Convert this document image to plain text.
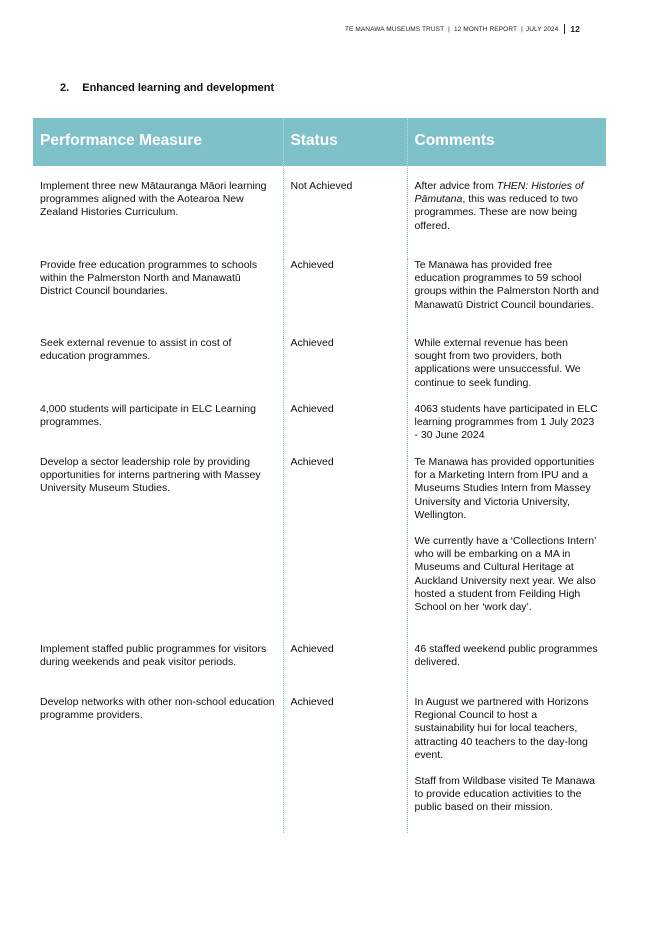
TE MANAWA MUSEUMS TRUST | 12 MONTH REPORT | JULY 2024 12
2. Enhanced learning and development
Performance Measure	Status	Comments
Implement three new Mātauranga Māori learning programmes aligned with the Aotearoa New Zealand Histories Curriculum.	Not Achieved	After advice from THEN: Histories of Pāmutana, this was reduced to two programmes. These are now being offered.

Provide free education programmes to schools within the Palmerston North and Manawatū District Council boundaries.	Achieved	Te Manawa has provided free education programmes to 59 school groups within the Palmerston North and Manawatū District Council boundaries.

Seek external revenue to assist in cost of education programmes.	Achieved	While external revenue has been sought from two providers, both applications were unsuccessful. We continue to seek funding.

4,000 students will participate in ELC Learning programmes.	Achieved	4063 students have participated in ELC learning programmes from 1 July 2023 - 30 June 2024

Develop a sector leadership role by providing opportunities for interns partnering with Massey University Museum Studies.	Achieved	Te Manawa has provided opportunities for a Marketing Intern from IPU and a Museums Studies Intern from Massey University and Victoria University, Wellington.
We currently have a ‘Collections Intern’ who will be embarking on a MA in Museums and Cultural Heritage at Auckland University next year. We also hosted a student from Feilding High School on her ‘work day’.

Implement staffed public programmes for visitors during weekends and peak visitor periods.	Achieved	46 staffed weekend public programmes delivered.

Develop networks with other non-school education programme providers.	Achieved	In August we partnered with Horizons Regional Council to host a sustainability hui for local teachers, attracting 40 teachers to the day-long event.
Staff from Wildbase visited Te Manawa to provide education activities to the public based on their mission.
